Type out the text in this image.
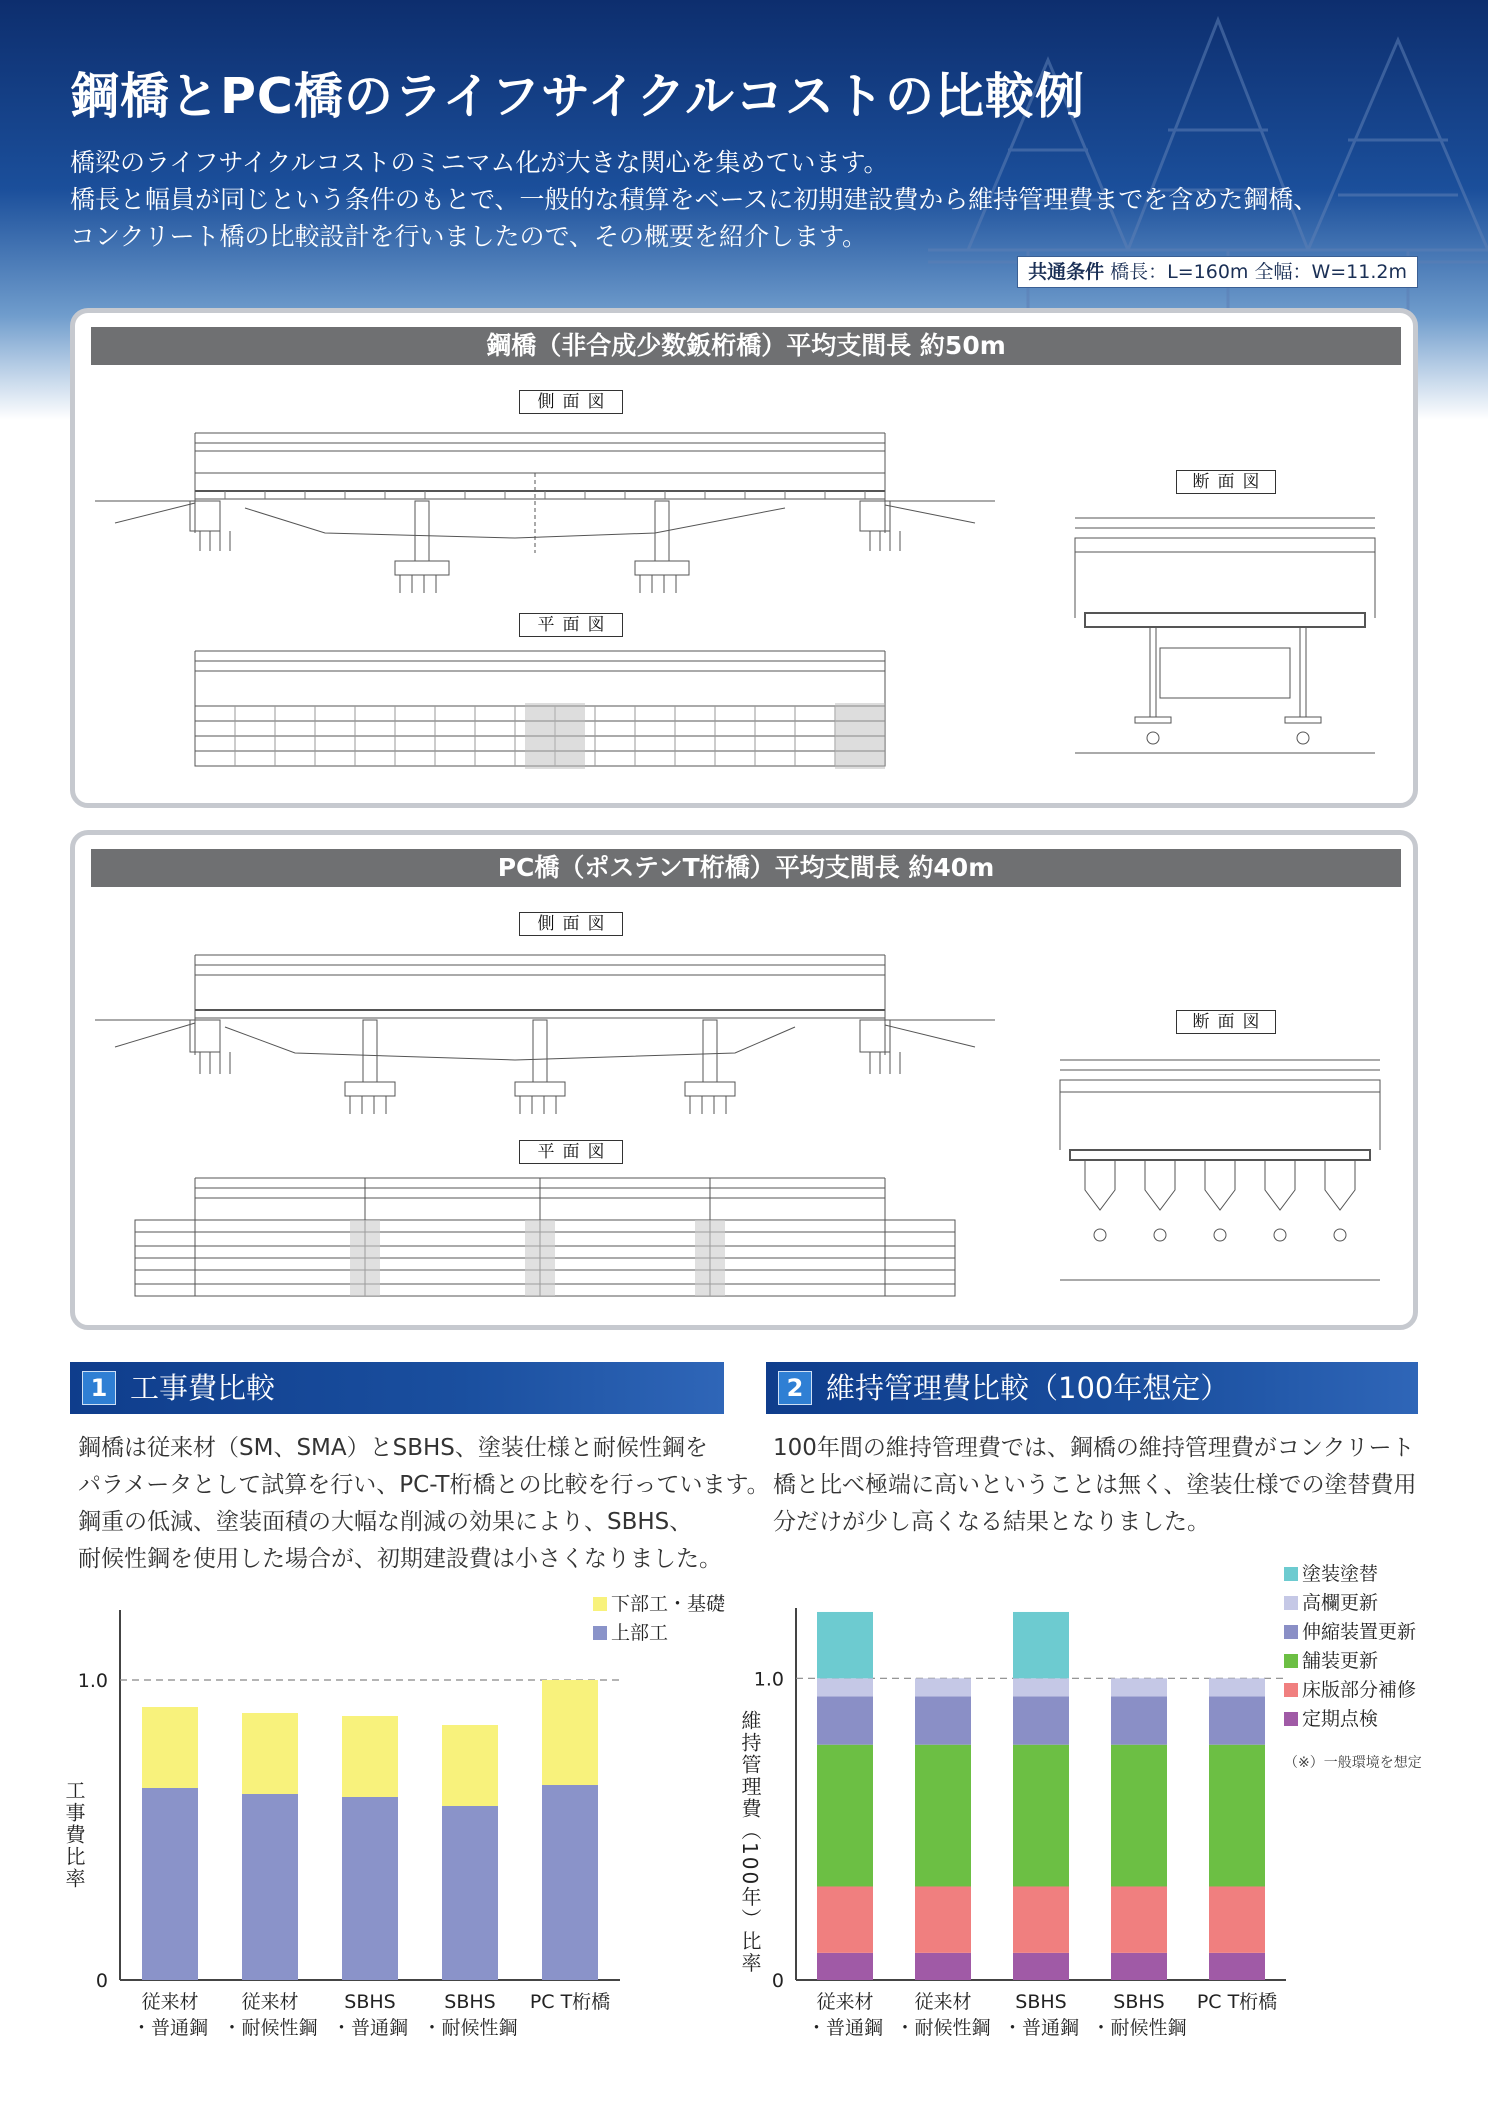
鋼橋とPC橋のライフサイクルコストの比較例
橋梁のライフサイクルコストのミニマム化が大きな関心を集めています。
橋長と幅員が同じという条件のもとで、一般的な積算をベースに初期建設費から維持管理費までを含めた鋼橋、
コンクリート橋の比較設計を行いましたので、その概要を紹介します。
共通条件 橋長：L=160m 全幅：W=11.2m
鋼橋（非合成少数鈑桁橋）平均支間長 約50m
側面図
平面図
断面図
PC橋（ポステンT桁橋）平均支間長 約40m
側面図
平面図
断面図
1 工事費比較
鋼橋は従来材（SM、SMA）とSBHS、塗装仕様と耐候性鋼を
パラメータとして試算を行い、PC-T桁橋との比較を行っています。
鋼重の低減、塗装面積の大幅な削減の効果により、SBHS、
耐候性鋼を使用した場合が、初期建設費は小さくなりました。
0
1.0
従来材
・普通鋼
従来材
・耐候性鋼
SBHS
・普通鋼
SBHS
・耐候性鋼
PC T桁橋
工事費比率
下部工・基礎
上部工
2 維持管理費比較（100年想定）
100年間の維持管理費では、鋼橋の維持管理費がコンクリート
橋と比べ極端に高いということは無く、塗装仕様での塗替費用
分だけが少し高くなる結果となりました。
0
1.0
従来材
・普通鋼
従来材
・耐候性鋼
SBHS
・普通鋼
SBHS
・耐候性鋼
PC T桁橋
維持管理費（100年）比率
塗装塗替
高欄更新
伸縮装置更新
舗装更新
床版部分補修
定期点検
（※）一般環境を想定
